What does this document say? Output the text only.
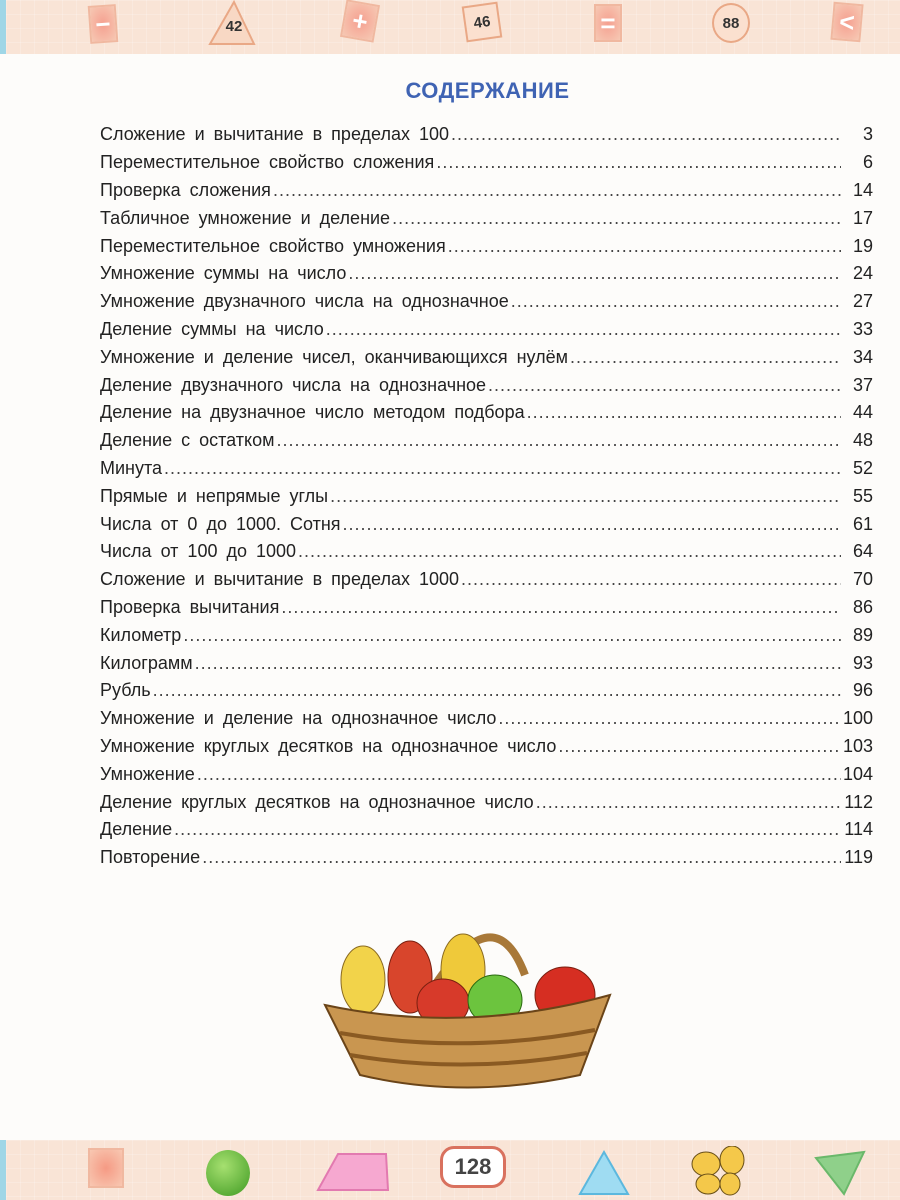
−	42	+	46	=	88	<
СОДЕРЖАНИЕ
Сложение и вычитание в пределах 100 .....	3
Переместительное свойство сложения .....	6
Проверка сложения .....	14
Табличное умножение и деление .....	17
Переместительное свойство умножения .....	19
Умножение суммы на число .....	24
Умножение двузначного числа на однозначное .....	27
Деление суммы на число .....	33
Умножение и деление чисел, оканчивающихся нулём .....	34
Деление двузначного числа на однозначное .....	37
Деление на двузначное число методом подбора .....	44
Деление с остатком .....	48
Минута .....	52
Прямые и непрямые углы .....	55
Числа от 0 до 1000. Сотня .....	61
Числа от 100 до 1000 .....	64
Сложение и вычитание в пределах 1000 .....	70
Проверка вычитания .....	86
Километр .....	89
Килограмм .....	93
Рубль .....	96
Умножение и деление на однозначное число .....	100
Умножение круглых десятков на однозначное число .....	103
Умножение .....	104
Деление круглых десятков на однозначное число .....	112
Деление .....	114
Повторение .....	119
128
